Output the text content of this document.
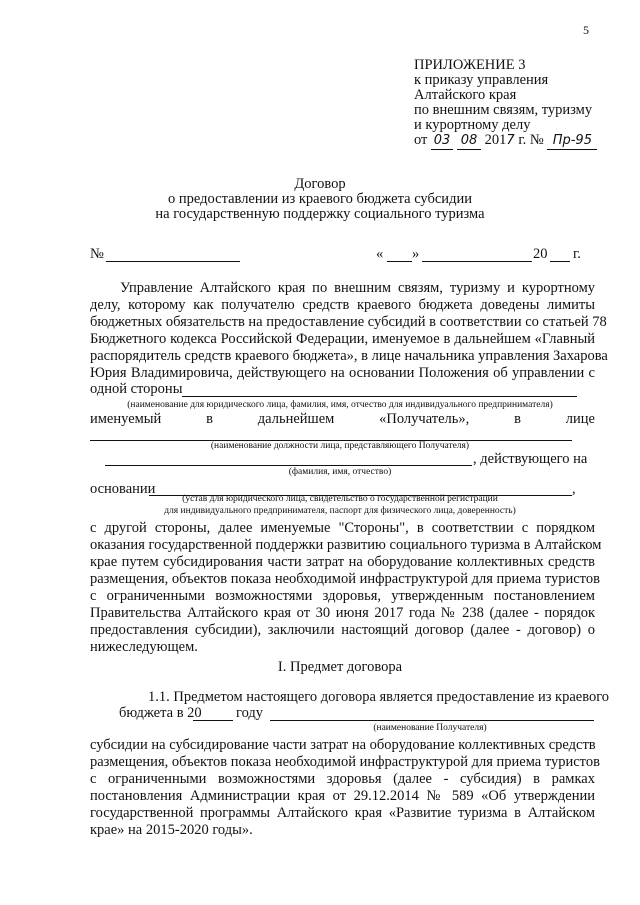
5
ПРИЛОЖЕНИЕ 3
к приказу управления
Алтайского края
по внешним связям, туризму
и курортному делу
от 03 08 2017 г. № Пр-95
Договор
о предоставлении из краевого бюджета субсидии
на государственную поддержку социального туризма
№	« »	20 г.
Управление Алтайского края по внешним связям, туризму и курортному
делу, которому как получателю средств краевого бюджета доведены лимиты
бюджетных обязательств на предоставление субсидий в соответствии со статьей 78
Бюджетного кодекса Российской Федерации, именуемое в дальнейшем «Главный
распорядитель средств краевого бюджета», в лице начальника управления Захарова
Юрия Владимировича, действующего на основании Положения об управлении с
одной стороны
(наименование для юридического лица, фамилия, имя, отчество для индивидуального предпринимателя)
именуемый	в	дальнейшем	«Получатель»,	в	лице
(наименование должности лица, представляющего Получателя)
, действующего на
(фамилия, имя, отчество)
основании	,
(устав для юридического лица, свидетельство о государственной регистрации
для индивидуального предпринимателя, паспорт для физического лица, доверенность)
с другой стороны, далее именуемые "Стороны", в соответствии с порядком
оказания государственной поддержки развитию социального туризма в Алтайском
крае путем субсидирования части затрат на оборудование коллективных средств
размещения, объектов показа необходимой инфраструктурой для приема туристов
с ограниченными возможностями здоровья, утвержденным постановлением
Правительства Алтайского края от 30 июня 2017 года № 238 (далее - порядок
предоставления субсидии), заключили настоящий договор (далее - договор) о
нижеследующем.
I. Предмет договора
1.1. Предметом настоящего договора является предоставление из краевого
бюджета в 20 году
(наименование Получателя)
субсидии на субсидирование части затрат на оборудование коллективных средств
размещения, объектов показа необходимой инфраструктурой для приема туристов
с ограниченными возможностями здоровья (далее - субсидия) в рамках
постановления Администрации края от 29.12.2014 № 589 «Об утверждении
государственной программы Алтайского края «Развитие туризма в Алтайском
крае» на 2015-2020 годы».
